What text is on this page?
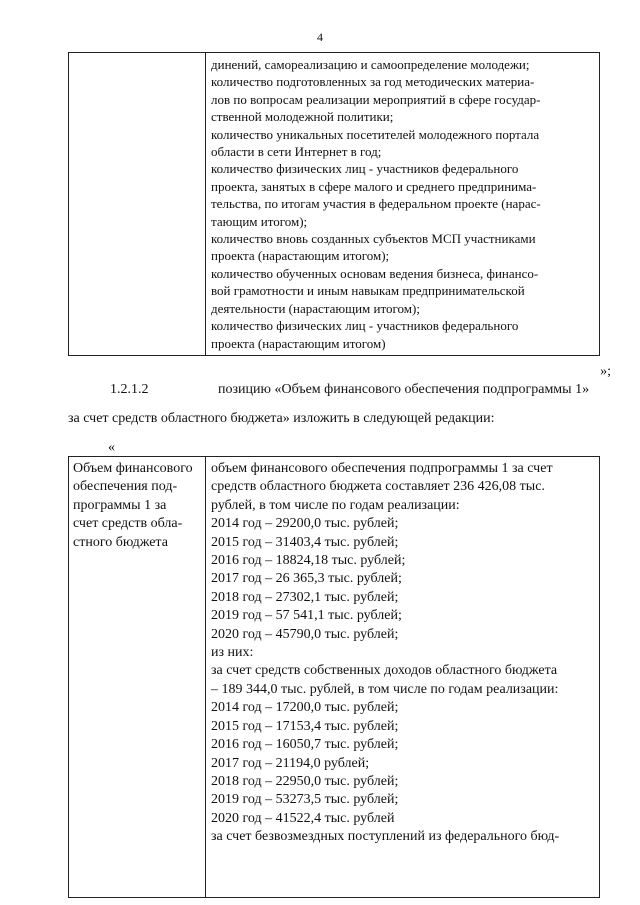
4

динений, самореализацию и самоопределение молодежи;
количество подготовленных за год методических материа-
лов по вопросам реализации мероприятий в сфере государ-
ственной молодежной политики;
количество уникальных посетителей молодежного портала
области в сети Интернет в год;
количество физических лиц - участников федерального
проекта, занятых в сфере малого и среднего предпринима-
тельства, по итогам участия в федеральном проекте (нарас-
тающим итогом);
количество вновь созданных субъектов МСП участниками
проекта (нарастающим итогом);
количество обученных основам ведения бизнеса, финансо-
вой грамотности и иным навыкам предпринимательской
деятельности (нарастающим итогом);
количество физических лиц - участников федерального
проекта (нарастающим итогом)
»;
1.2.1.2	позицию «Объем финансового обеспечения подпрограммы 1»
за счет средств областного бюджета» изложить в следующей редакции:
«
Объем финансового
обеспечения под-
программы 1 за
счет средств обла-
стного бюджета

объем финансового обеспечения подпрограммы 1 за счет
средств областного бюджета составляет 236 426,08 тыс.
рублей, в том числе по годам реализации:
2014 год – 29200,0 тыс. рублей;
2015 год – 31403,4 тыс. рублей;
2016 год – 18824,18 тыс. рублей;
2017 год – 26 365,3 тыс. рублей;
2018 год – 27302,1 тыс. рублей;
2019 год – 57 541,1 тыс. рублей;
2020 год – 45790,0 тыс. рублей;
из них:
за счет средств собственных доходов областного бюджета
– 189 344,0 тыс. рублей, в том числе по годам реализации:
2014 год – 17200,0 тыс. рублей;
2015 год – 17153,4 тыс. рублей;
2016 год – 16050,7 тыс. рублей;
2017 год – 21194,0 рублей;
2018 год – 22950,0 тыс. рублей;
2019 год – 53273,5 тыс. рублей;
2020 год – 41522,4 тыс. рублей
за счет безвозмездных поступлений из федерального бюд-
